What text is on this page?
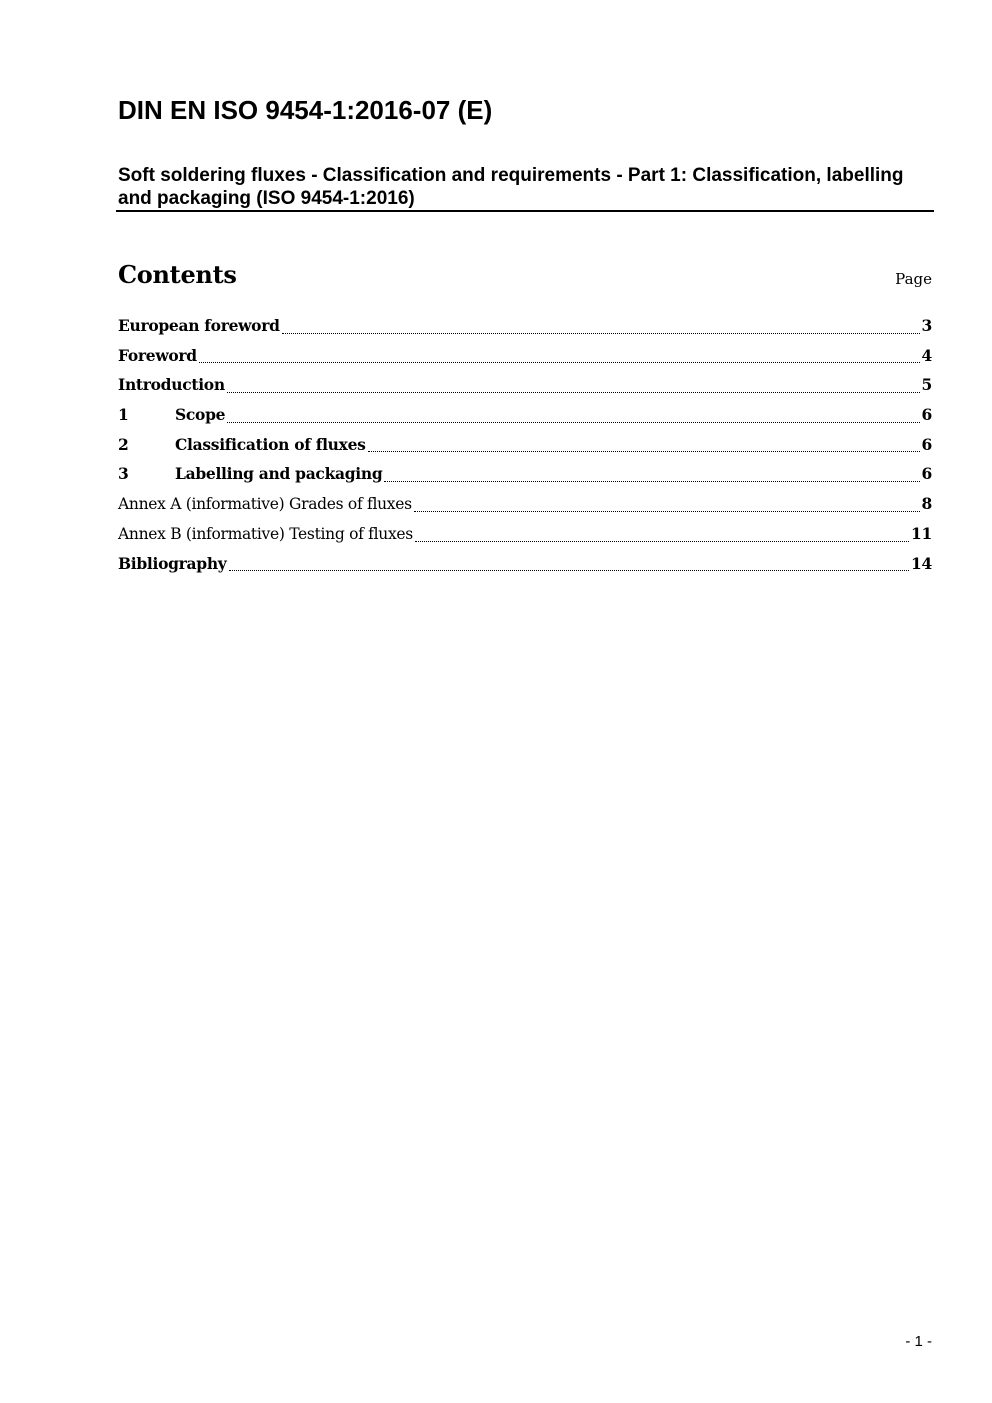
DIN EN ISO 9454-1:2016-07 (E)
Soft soldering fluxes - Classification and requirements - Part 1: Classification, labelling and packaging (ISO 9454-1:2016)
Contents	Page
European foreword	3
Foreword	4
Introduction	5
1	Scope	6
2	Classification of fluxes	6
3	Labelling and packaging	6
Annex A (informative) Grades of fluxes	8
Annex B (informative) Testing of fluxes	11
Bibliography	14
- 1 -
